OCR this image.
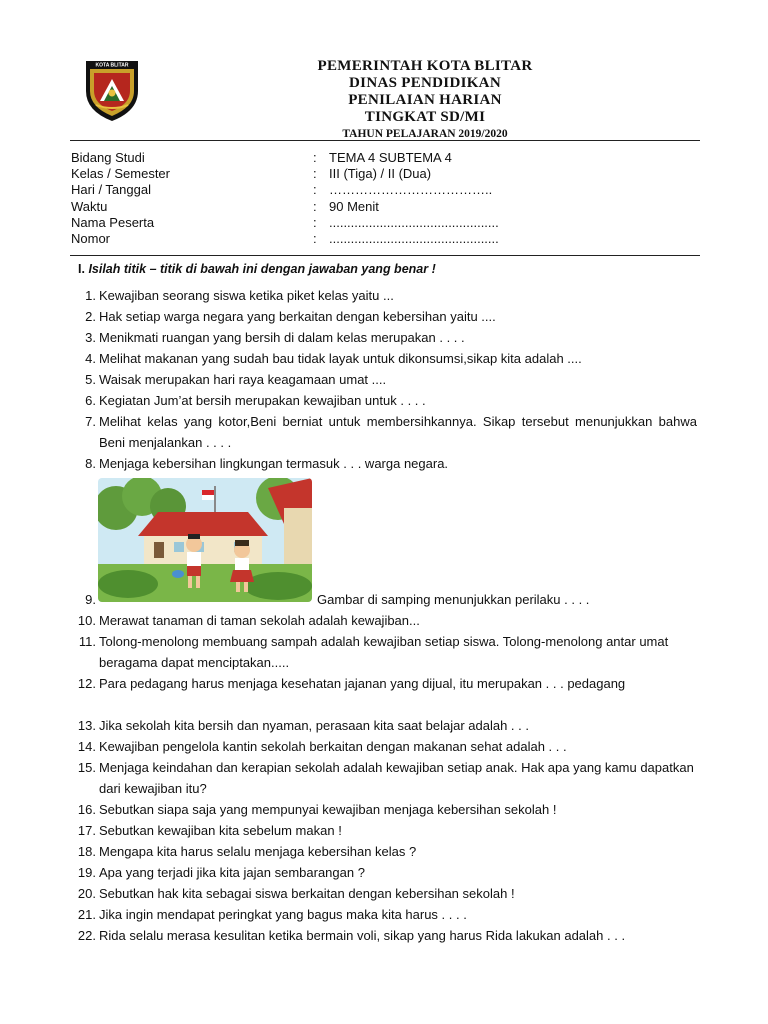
KOTA BLITAR	PEMERINTAH KOTA BLITAR
DINAS PENDIDIKAN
PENILAIAN HARIAN
TINGKAT SD/MI
TAHUN PELAJARAN 2019/2020
Bidang Studi	: TEMA 4 SUBTEMA 4
Kelas / Semester	: III (Tiga) / II (Dua)
Hari / Tanggal	: ………………………………..
Waktu	: 90 Menit
Nama Peserta	: ...............................................
Nomor	: ...............................................
I. Isilah titik – titik di bawah ini dengan jawaban yang benar !
1. Kewajiban seorang siswa ketika piket kelas yaitu ...
2. Hak setiap warga negara yang berkaitan dengan kebersihan yaitu ....
3. Menikmati ruangan yang bersih di dalam kelas merupakan . . . .
4. Melihat makanan yang sudah bau tidak layak untuk dikonsumsi,sikap kita adalah ....
5. Waisak merupakan hari raya keagamaan umat ....
6. Kegiatan Jum’at bersih merupakan kewajiban untuk . . . .
7. Melihat kelas yang kotor,Beni berniat untuk membersihkannya. Sikap tersebut menunjukkan bahwa Beni menjalankan . . . .
8. Menjaga kebersihan lingkungan termasuk . . . warga negara.
9.	Gambar di samping menunjukkan perilaku . . . .
10. Merawat tanaman di taman sekolah adalah kewajiban...
11. Tolong-menolong membuang sampah adalah kewajiban setiap siswa. Tolong-menolong antar umat beragama dapat menciptakan.....
12. Para pedagang harus menjaga kesehatan jajanan yang dijual, itu merupakan . . . pedagang
13. Jika sekolah kita bersih dan nyaman, perasaan kita saat belajar adalah . . .
14. Kewajiban pengelola kantin sekolah berkaitan dengan makanan sehat adalah . . .
15. Menjaga keindahan dan kerapian sekolah adalah kewajiban setiap anak. Hak apa yang kamu dapatkan dari kewajiban itu?
16. Sebutkan siapa saja yang mempunyai kewajiban menjaga kebersihan sekolah !
17. Sebutkan kewajiban kita sebelum makan !
18. Mengapa kita harus selalu menjaga kebersihan kelas ?
19. Apa yang terjadi jika kita jajan sembarangan ?
20. Sebutkan hak kita sebagai siswa berkaitan dengan kebersihan sekolah !
21. Jika ingin mendapat peringkat yang bagus maka kita harus . . . .
22. Rida selalu merasa kesulitan ketika bermain voli, sikap yang harus Rida lakukan adalah . . .
